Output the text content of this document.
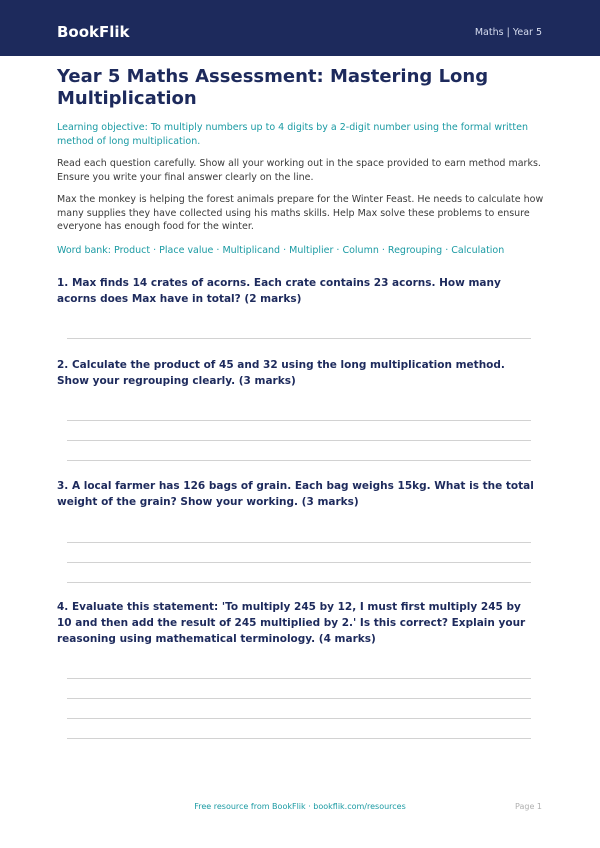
BookFlik	Maths | Year 5
Year 5 Maths Assessment: Mastering Long Multiplication
Learning objective: To multiply numbers up to 4 digits by a 2-digit number using the formal written method of long multiplication.
Read each question carefully. Show all your working out in the space provided to earn method marks. Ensure you write your final answer clearly on the line.
Max the monkey is helping the forest animals prepare for the Winter Feast. He needs to calculate how many supplies they have collected using his maths skills. Help Max solve these problems to ensure everyone has enough food for the winter.
Word bank: Product · Place value · Multiplicand · Multiplier · Column · Regrouping · Calculation
1. Max finds 14 crates of acorns. Each crate contains 23 acorns. How many acorns does Max have in total? (2 marks)
2. Calculate the product of 45 and 32 using the long multiplication method. Show your regrouping clearly. (3 marks)
3. A local farmer has 126 bags of grain. Each bag weighs 15kg. What is the total weight of the grain? Show your working. (3 marks)
4. Evaluate this statement: 'To multiply 245 by 12, I must first multiply 245 by 10 and then add the result of 245 multiplied by 2.' Is this correct? Explain your reasoning using mathematical terminology. (4 marks)
Free resource from BookFlik · bookflik.com/resources	Page 1
